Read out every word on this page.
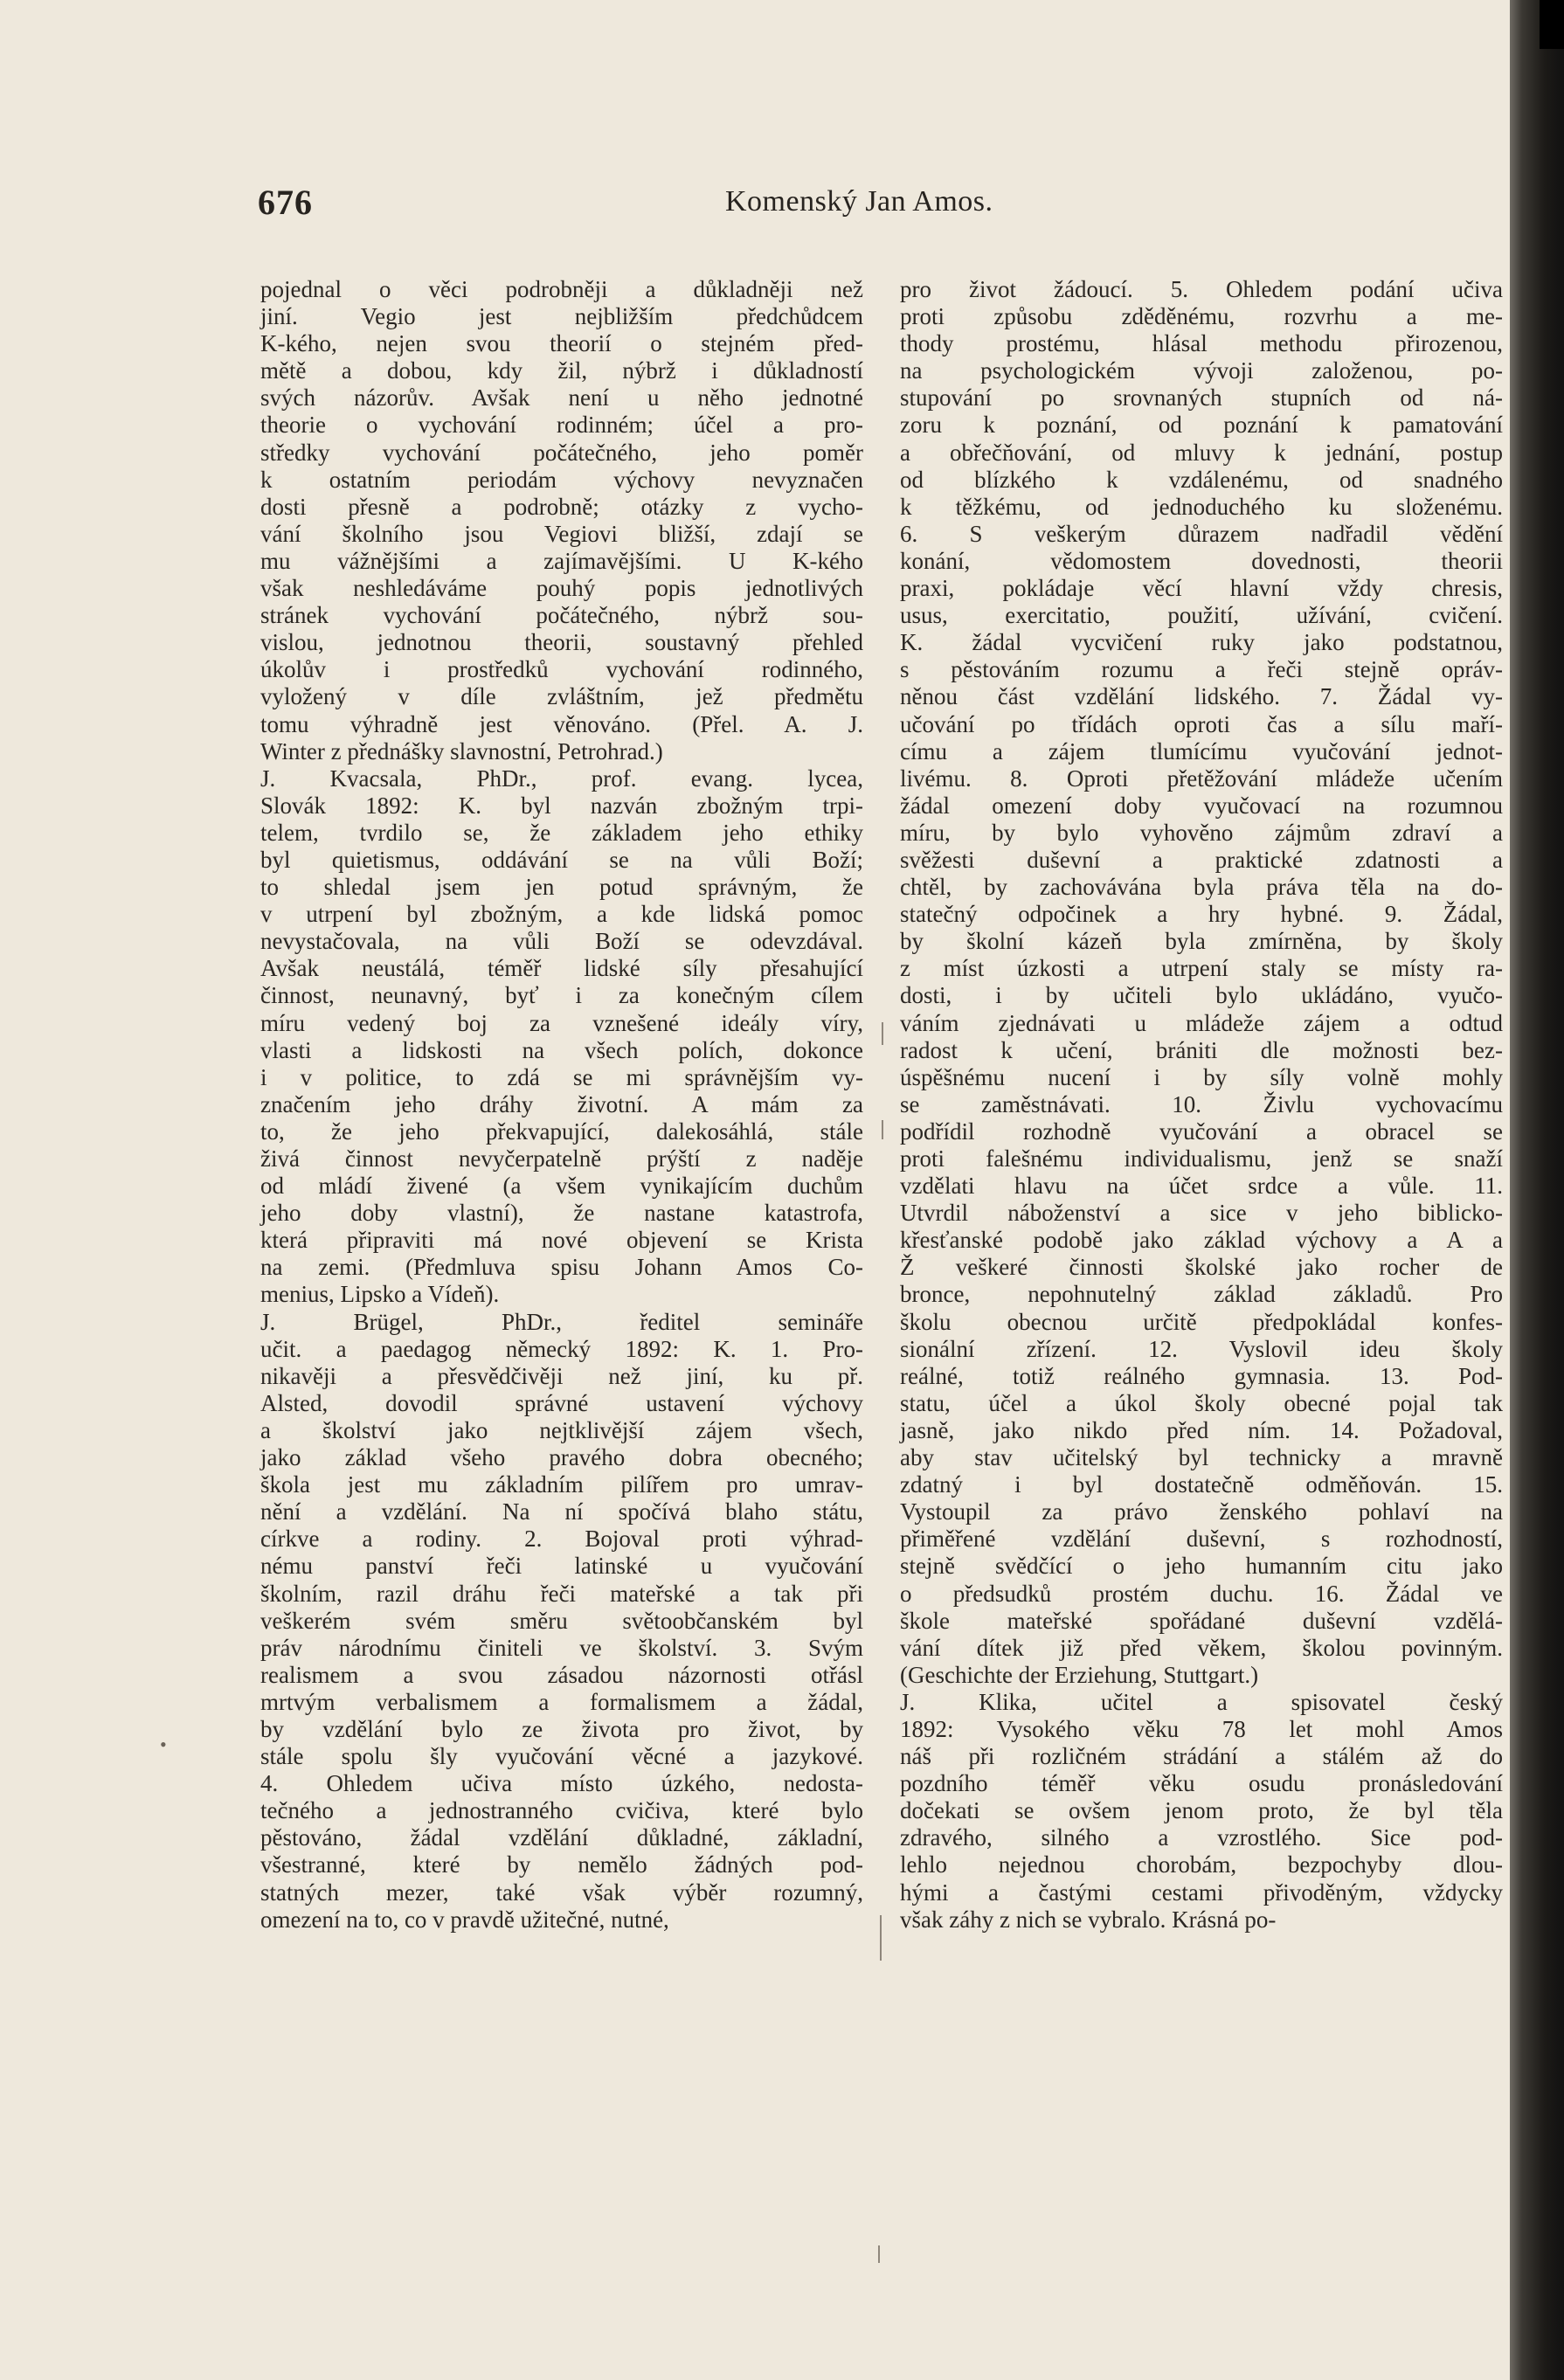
676	Komenský Jan Amos.
pojednal o věci podrobněji a důkladněji než
jiní. Vegio jest nejbližším předchůdcem
K-kého, nejen svou theorií o stejném před-
mětě a dobou, kdy žil, nýbrž i důkladností
svých názorův. Avšak není u něho jednotné
theorie o vychování rodinném; účel a pro-
středky vychování počátečného, jeho poměr
k ostatním periodám výchovy nevyznačen
dosti přesně a podrobně; otázky z vycho-
vání školního jsou Vegiovi bližší, zdají se
mu vážnějšími a zajímavějšími. U K-kého
však neshledáváme pouhý popis jednotlivých
stránek vychování počátečného, nýbrž sou-
vislou, jednotnou theorii, soustavný přehled
úkolův i prostředků vychování rodinného,
vyložený v díle zvláštním, jež předmětu
tomu výhradně jest věnováno. (Přel. A. J.
Winter z přednášky slavnostní, Petrohrad.)
J. Kvacsala, PhDr., prof. evang. lycea,
Slovák 1892: K. byl nazván zbožným trpi-
telem, tvrdilo se, že základem jeho ethiky
byl quietismus, oddávání se na vůli Boží;
to shledal jsem jen potud správným, že
v utrpení byl zbožným, a kde lidská pomoc
nevystačovala, na vůli Boží se odevzdával.
Avšak neustálá, téměř lidské síly přesahující
činnost, neunavný, byť i za konečným cílem
míru vedený boj za vznešené ideály víry,
vlasti a lidskosti na všech polích, dokonce
i v politice, to zdá se mi správnějším vy-
značením jeho dráhy životní. A mám za
to, že jeho překvapující, dalekosáhlá, stále
živá činnost nevyčerpatelně prýští z naděje
od mládí živené (a všem vynikajícím duchům
jeho doby vlastní), že nastane katastrofa,
která připraviti má nové objevení se Krista
na zemi. (Předmluva spisu Johann Amos Co-
menius, Lipsko a Vídeň).
J. Brügel, PhDr., ředitel semináře
učit. a paedagog německý 1892: K. 1. Pro-
nikavěji a přesvědčivěji než jiní, ku př.
Alsted, dovodil správné ustavení výchovy
a školství jako nejtklivější zájem všech,
jako základ všeho pravého dobra obecného;
škola jest mu základním pilířem pro umrav-
nění a vzdělání. Na ní spočívá blaho státu,
církve a rodiny. 2. Bojoval proti výhrad-
nému panství řeči latinské u vyučování
školním, razil dráhu řeči mateřské a tak při
veškerém svém směru světoobčanském byl
práv národnímu činiteli ve školství. 3. Svým
realismem a svou zásadou názornosti otřásl
mrtvým verbalismem a formalismem a žádal,
by vzdělání bylo ze života pro život, by
stále spolu šly vyučování věcné a jazykové.
4. Ohledem učiva místo úzkého, nedosta-
tečného a jednostranného cvičiva, které bylo
pěstováno, žádal vzdělání důkladné, základní,
všestranné, které by nemělo žádných pod-
statných mezer, také však výběr rozumný,
omezení na to, co v pravdě užitečné, nutné,
pro život žádoucí. 5. Ohledem podání učiva
proti způsobu zděděnému, rozvrhu a me-
thody prostému, hlásal methodu přirozenou,
na psychologickém vývoji založenou, po-
stupování po srovnaných stupních od ná-
zoru k poznání, od poznání k pamatování
a obřečňování, od mluvy k jednání, postup
od blízkého k vzdálenému, od snadného
k těžkému, od jednoduchého ku složenému.
6. S veškerým důrazem nadřadil vědění
konání, vědomostem dovednosti, theorii
praxi, pokládaje věcí hlavní vždy chresis,
usus, exercitatio, použití, užívání, cvičení.
K. žádal vycvičení ruky jako podstatnou,
s pěstováním rozumu a řeči stejně opráv-
něnou část vzdělání lidského. 7. Žádal vy-
učování po třídách oproti čas a sílu maří-
címu a zájem tlumícímu vyučování jednot-
livému. 8. Oproti přetěžování mládeže učením
žádal omezení doby vyučovací na rozumnou
míru, by bylo vyhověno zájmům zdraví a
svěžesti duševní a praktické zdatnosti a
chtěl, by zachovávána byla práva těla na do-
statečný odpočinek a hry hybné. 9. Žádal,
by školní kázeň byla zmírněna, by školy
z míst úzkosti a utrpení staly se místy ra-
dosti, i by učiteli bylo ukládáno, vyučo-
váním zjednávati u mládeže zájem a odtud
radost k učení, brániti dle možnosti bez-
úspěšnému nucení i by síly volně mohly
se zaměstnávati. 10. Živlu vychovacímu
podřídil rozhodně vyučování a obracel se
proti falešnému individualismu, jenž se snaží
vzdělati hlavu na účet srdce a vůle. 11.
Utvrdil náboženství a sice v jeho biblicko-
křesťanské podobě jako základ výchovy a A a
Ž veškeré činnosti školské jako rocher de
bronce, nepohnutelný základ základů. Pro
školu obecnou určitě předpokládal konfes-
sionální zřízení. 12. Vyslovil ideu školy
reálné, totiž reálného gymnasia. 13. Pod-
statu, účel a úkol školy obecné pojal tak
jasně, jako nikdo před ním. 14. Požadoval,
aby stav učitelský byl technicky a mravně
zdatný i byl dostatečně odměňován. 15.
Vystoupil za právo ženského pohlaví na
přiměřené vzdělání duševní, s rozhodností,
stejně svědčící o jeho humanním citu jako
o předsudků prostém duchu. 16. Žádal ve
škole mateřské spořádané duševní vzdělá-
vání dítek již před věkem, školou povinným.
(Geschichte der Erziehung, Stuttgart.)
J. Klika, učitel a spisovatel český
1892: Vysokého věku 78 let mohl Amos
náš při rozličném strádání a stálém až do
pozdního téměř věku osudu pronásledování
dočekati se ovšem jenom proto, že byl těla
zdravého, silného a vzrostlého. Sice pod-
lehlo nejednou chorobám, bezpochyby dlou-
hými a častými cestami přivoděným, vždycky
však záhy z nich se vybralo. Krásná po-
•
